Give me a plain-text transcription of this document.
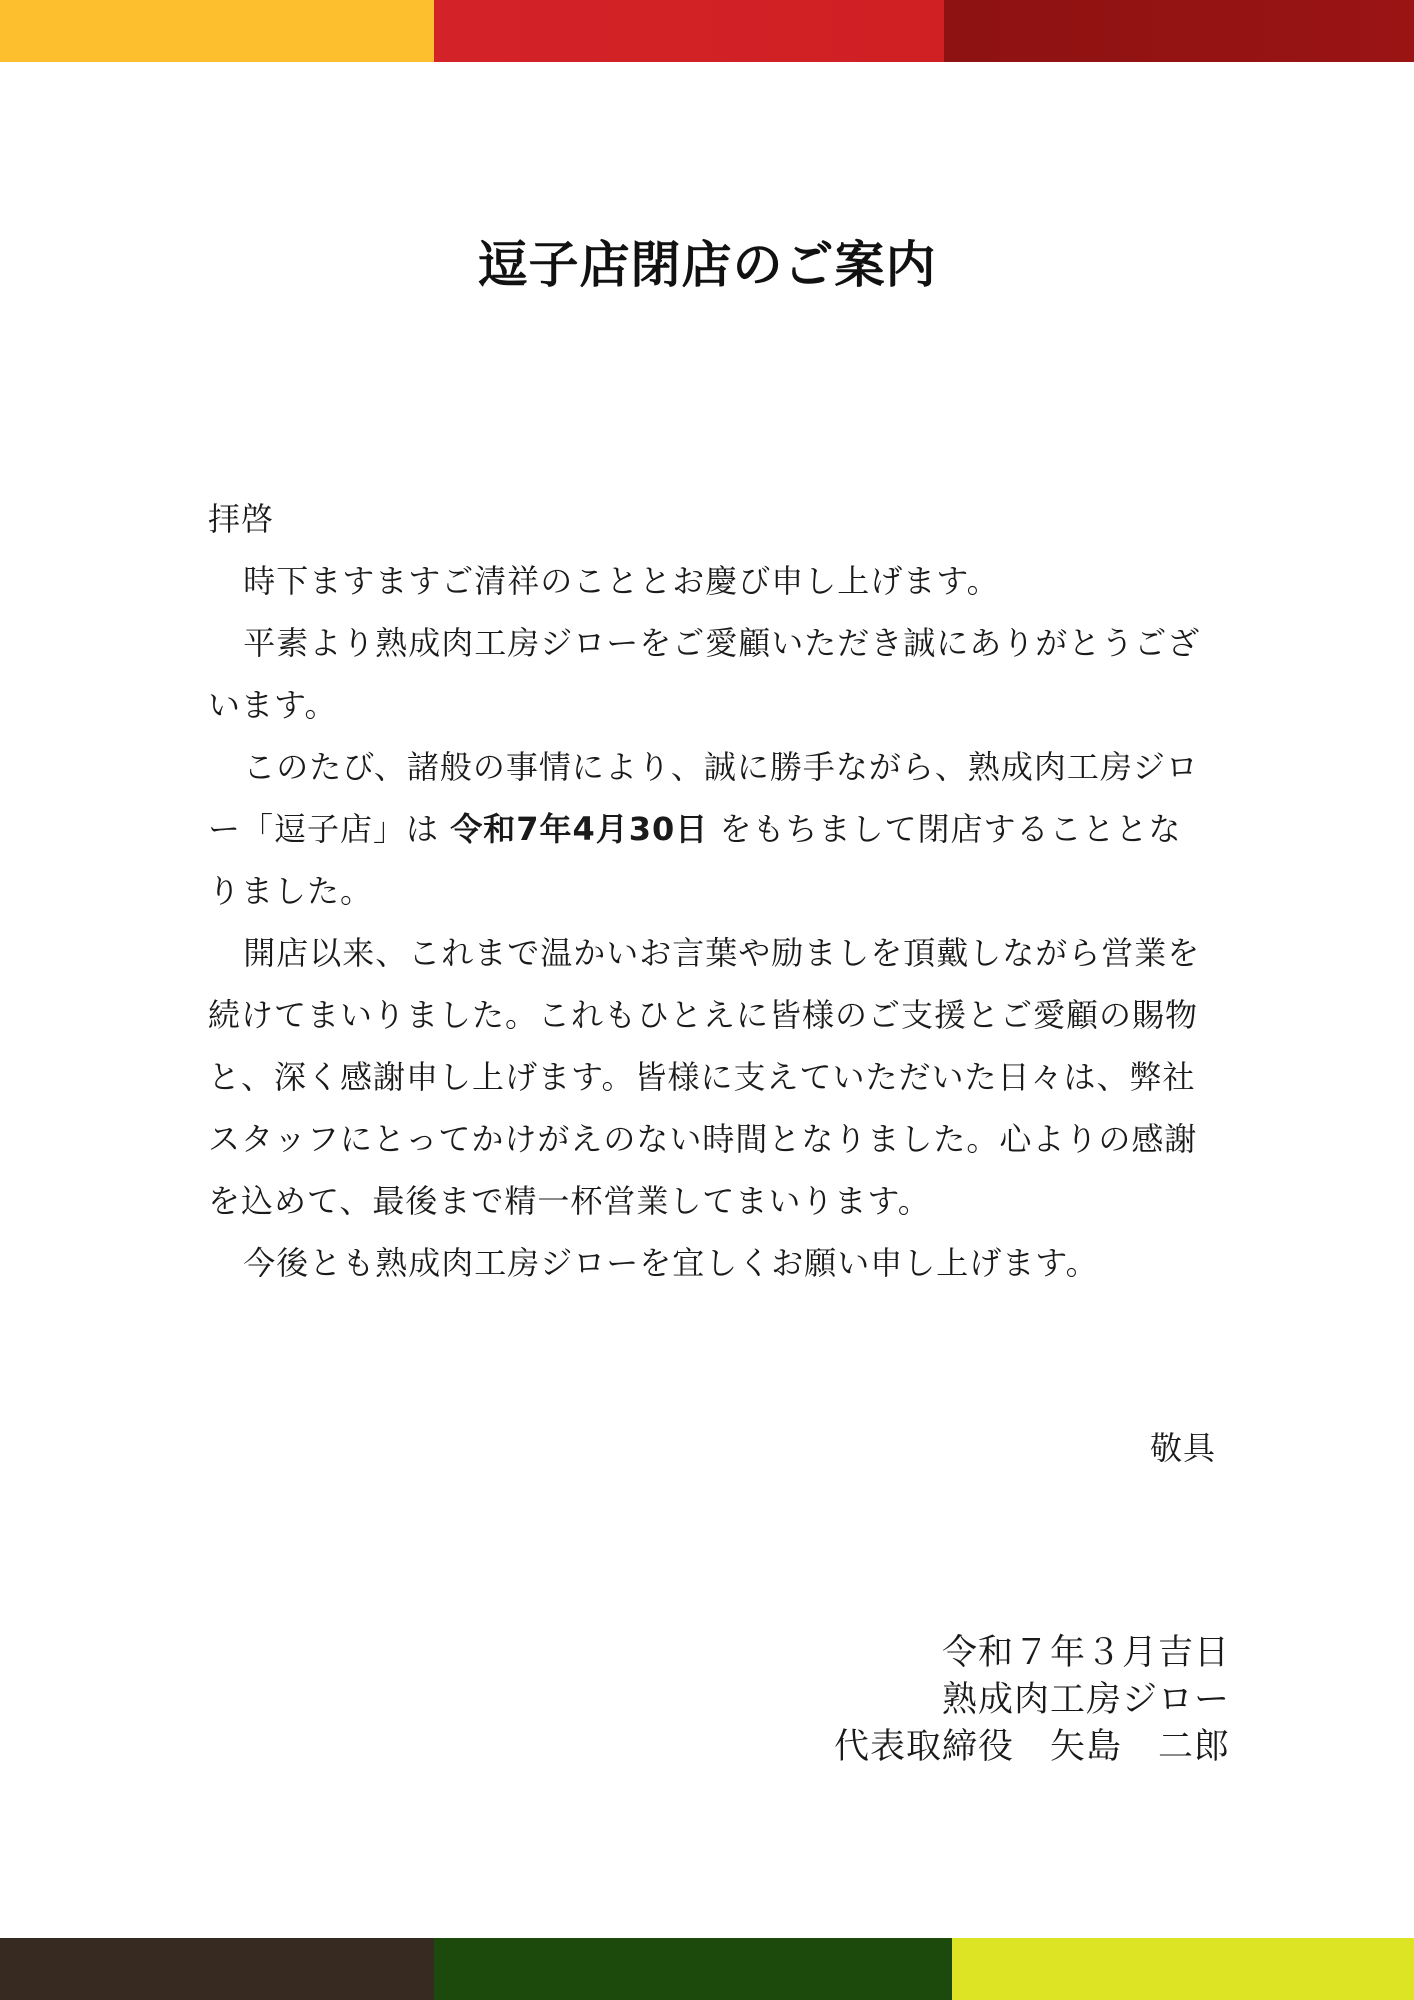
逗子店閉店のご案内

拝啓

時下ますますご清祥のこととお慶び申し上げます。

平素より熟成肉工房ジローをご愛顧いただき誠にありがとうございます。

このたび、諸般の事情により、誠に勝手ながら、熟成肉工房ジロー「逗子店」は 令和7年4月30日 をもちまして閉店することとなりました。

開店以来、これまで温かいお言葉や励ましを頂戴しながら営業を続けてまいりました。これもひとえに皆様のご支援とご愛顧の賜物と、深く感謝申し上げます。皆様に支えていただいた日々は、弊社スタッフにとってかけがえのない時間となりました。心よりの感謝を込めて、最後まで精一杯営業してまいります。

今後とも熟成肉工房ジローを宜しくお願い申し上げます。

敬具
令和７年３月吉日
熟成肉工房ジロー
代表取締役　矢島　二郎
